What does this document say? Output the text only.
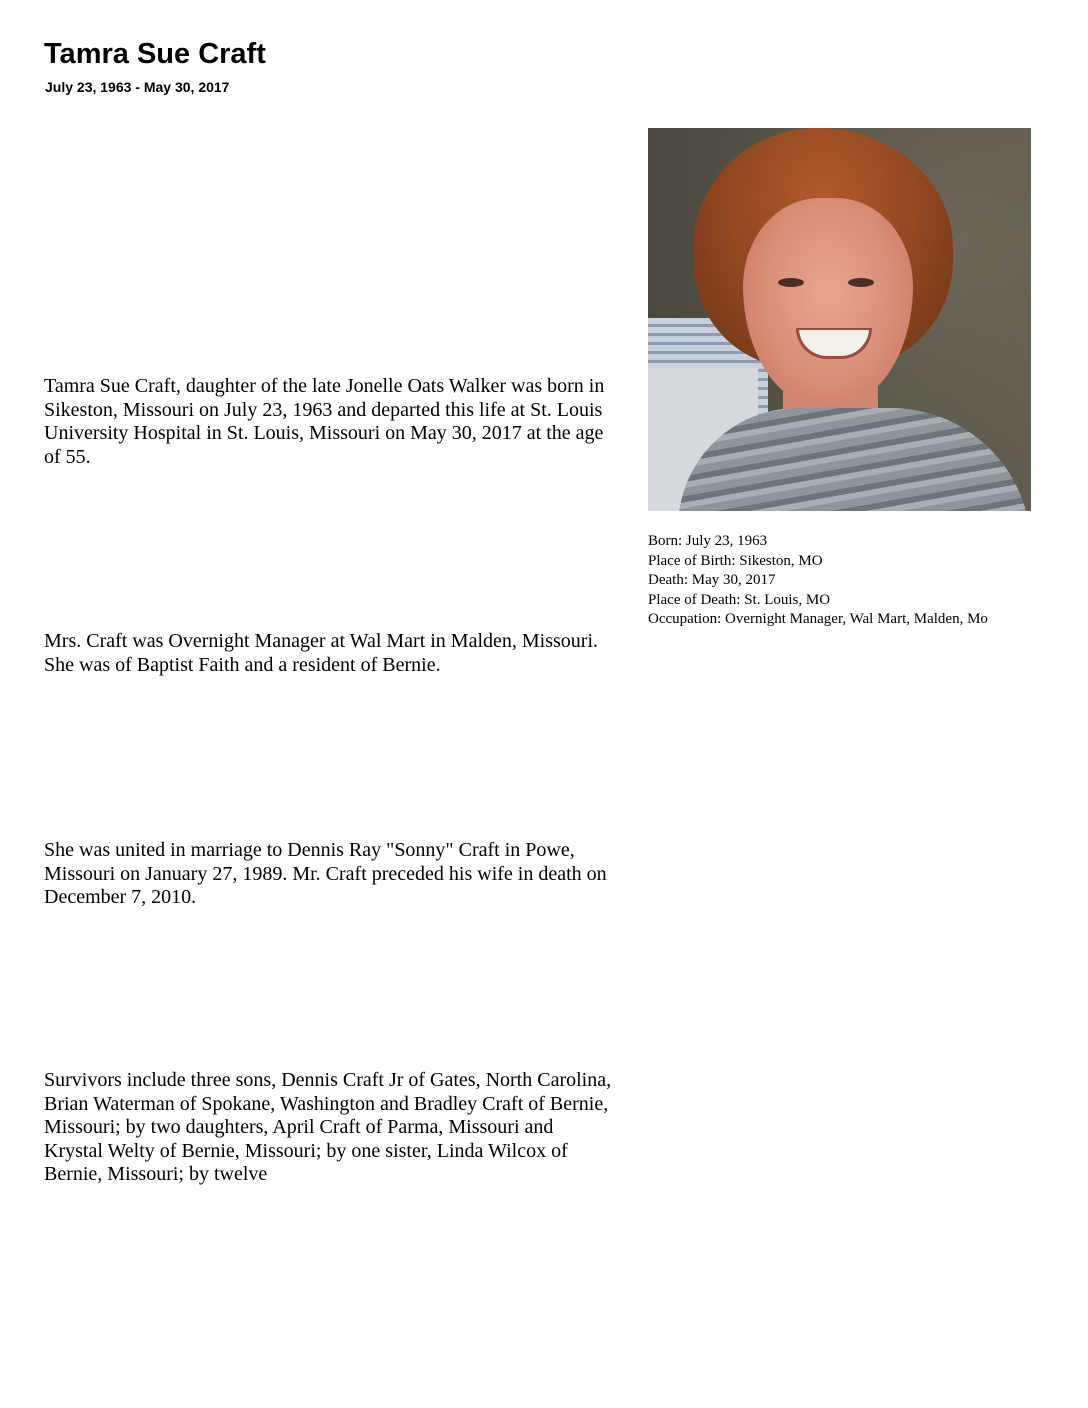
Tamra Sue Craft
July 23, 1963 - May 30, 2017

Tamra Sue Craft, daughter of the late Jonelle Oats Walker was born in Sikeston, Missouri on July 23, 1963 and departed this life at St. Louis University Hospital in St. Louis, Missouri on May 30, 2017 at the age of 55.

Mrs. Craft was Overnight Manager at Wal Mart in Malden, Missouri. She was of Baptist Faith and a resident of Bernie.

She was united in marriage to Dennis Ray "Sonny" Craft in Powe, Missouri on January 27, 1989. Mr. Craft preceded his wife in death on December 7, 2010.

Survivors include three sons, Dennis Craft Jr of Gates, North Carolina, Brian Waterman of Spokane, Washington and Bradley Craft of Bernie, Missouri; by two daughters, April Craft of Parma, Missouri and Krystal Welty of Bernie, Missouri; by one sister, Linda Wilcox of Bernie, Missouri; by twelve

Born: July 23, 1963

Place of Birth: Sikeston, MO

Death: May 30, 2017

Place of Death: St. Louis, MO

Occupation: Overnight Manager, Wal Mart, Malden, Mo
